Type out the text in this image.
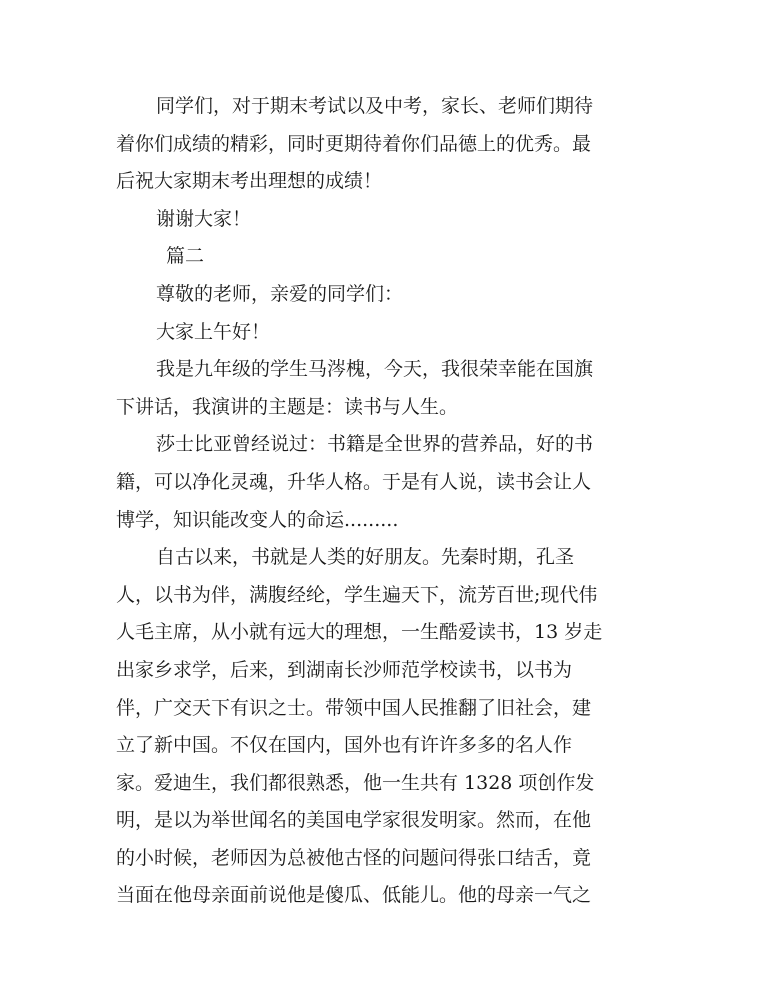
同学们，对于期末考试以及中考，家长、老师们期待
着你们成绩的精彩，同时更期待着你们品德上的优秀。最
后祝大家期末考出理想的成绩！
谢谢大家！
篇二
尊敬的老师，亲爱的同学们：
大家上午好！
我是九年级的学生马涔槐，今天，我很荣幸能在国旗
下讲话，我演讲的主题是：读书与人生。
莎士比亚曾经说过：书籍是全世界的营养品，好的书
籍，可以净化灵魂，升华人格。于是有人说，读书会让人
博学，知识能改变人的命运.........
自古以来，书就是人类的好朋友。先秦时期，孔圣
人，以书为伴，满腹经纶，学生遍天下，流芳百世;现代伟
人毛主席，从小就有远大的理想，一生酷爱读书，13 岁走
出家乡求学，后来，到湖南长沙师范学校读书，以书为
伴，广交天下有识之士。带领中国人民推翻了旧社会，建
立了新中国。不仅在国内，国外也有许许多多的名人作
家。爱迪生，我们都很熟悉，他一生共有 1328 项创作发
明，是以为举世闻名的美国电学家很发明家。然而，在他
的小时候，老师因为总被他古怪的问题问得张口结舌，竟
当面在他母亲面前说他是傻瓜、低能儿。他的母亲一气之
